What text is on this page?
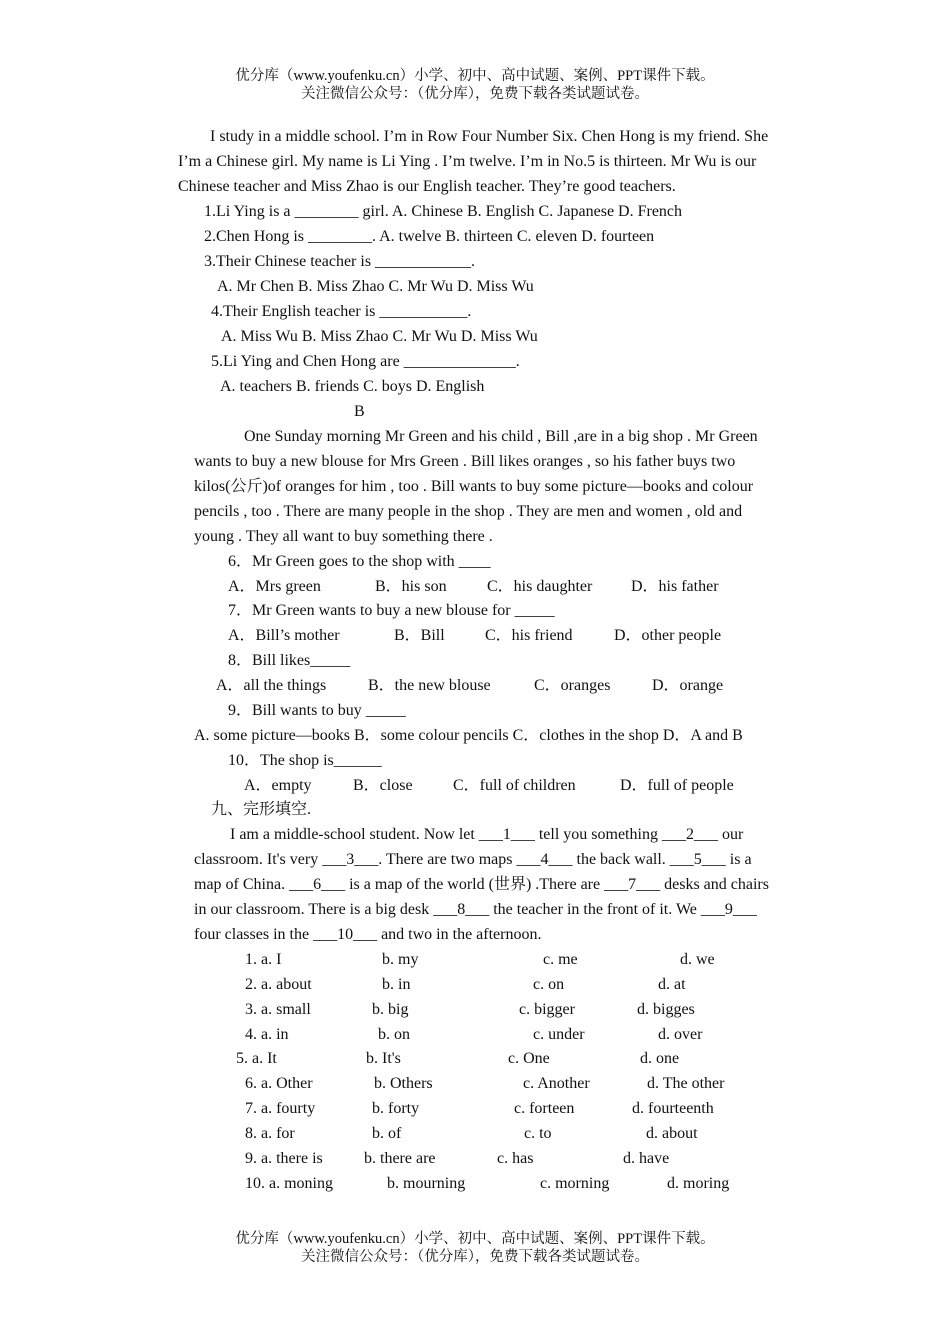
优分库（www.youfenku.cn）小学、初中、高中试题、案例、PPT课件下载。
关注微信公众号：（优分库），免费下载各类试题试卷。
I study in a middle school. I’m in Row Four Number Six. Chen Hong is my friend. She
I’m a Chinese girl. My name is Li Ying . I’m twelve. I’m in No.5 is thirteen. Mr Wu is our
Chinese teacher and Miss Zhao is our English teacher. They’re good teachers.
1.Li Ying is a ________ girl. A. Chinese B. English C. Japanese D. French
2.Chen Hong is ________. A. twelve B. thirteen C. eleven D. fourteen
3.Their Chinese teacher is ____________.
A. Mr Chen B. Miss Zhao C. Mr Wu D. Miss Wu
4.Their English teacher is ___________.
A. Miss Wu B. Miss Zhao C. Mr Wu D. Miss Wu
5.Li Ying and Chen Hong are ______________.
A. teachers B. friends C. boys D. English
B
One Sunday morning Mr Green and his child , Bill ,are in a big shop . Mr Green
wants to buy a new blouse for Mrs Green . Bill likes oranges , so his father buys two
kilos(公斤)of oranges for him , too . Bill wants to buy some picture—books and colour
pencils , too . There are many people in the shop . They are men and women , old and
young . They all want to buy something there .
6．Mr Green goes to the shop with ____
A．Mrs green	B．his son	C．his daughter D．his father
7．Mr Green wants to buy a new blouse for _____
A．Bill’s mother	B．Bill	C．his friend	D．other people
8．Bill likes_____
A．all the things	B．the new blouse	C．oranges	D．orange
9．Bill wants to buy _____
A. some picture—books B．some colour pencils C．clothes in the shop D．A and B
10．The shop is______
A．empty	B．close	C．full of children	D．full of people
九、完形填空.
I am a middle-school student. Now let ___1___ tell you something ___2___ our
classroom. It's very ___3___. There are two maps ___4___ the back wall. ___5___ is a
map of China. ___6___ is a map of the world (世界) .There are ___7___ desks and chairs
in our classroom. There is a big desk ___8___ the teacher in the front of it. We ___9___
four classes in the ___10___ and two in the afternoon.
1. a. I	b. my	c. me	d. we
2. a. about	b. in	c. on	d. at
3. a. small	b. big	c. bigger	d. bigges
4. a. in	b. on	c. under	d. over
5. a. It	b. It's	c. One	d. one
6. a. Other	b. Others	c. Another	d. The other
7. a. fourty	b. forty	c. forteen	d. fourteenth
8. a. for	b. of	c. to	d. about
9. a. there is	b. there are	c. has	d. have
10. a. moning	b. mourning	c. morning	d. moring
优分库（www.youfenku.cn）小学、初中、高中试题、案例、PPT课件下载。
关注微信公众号：（优分库），免费下载各类试题试卷。
